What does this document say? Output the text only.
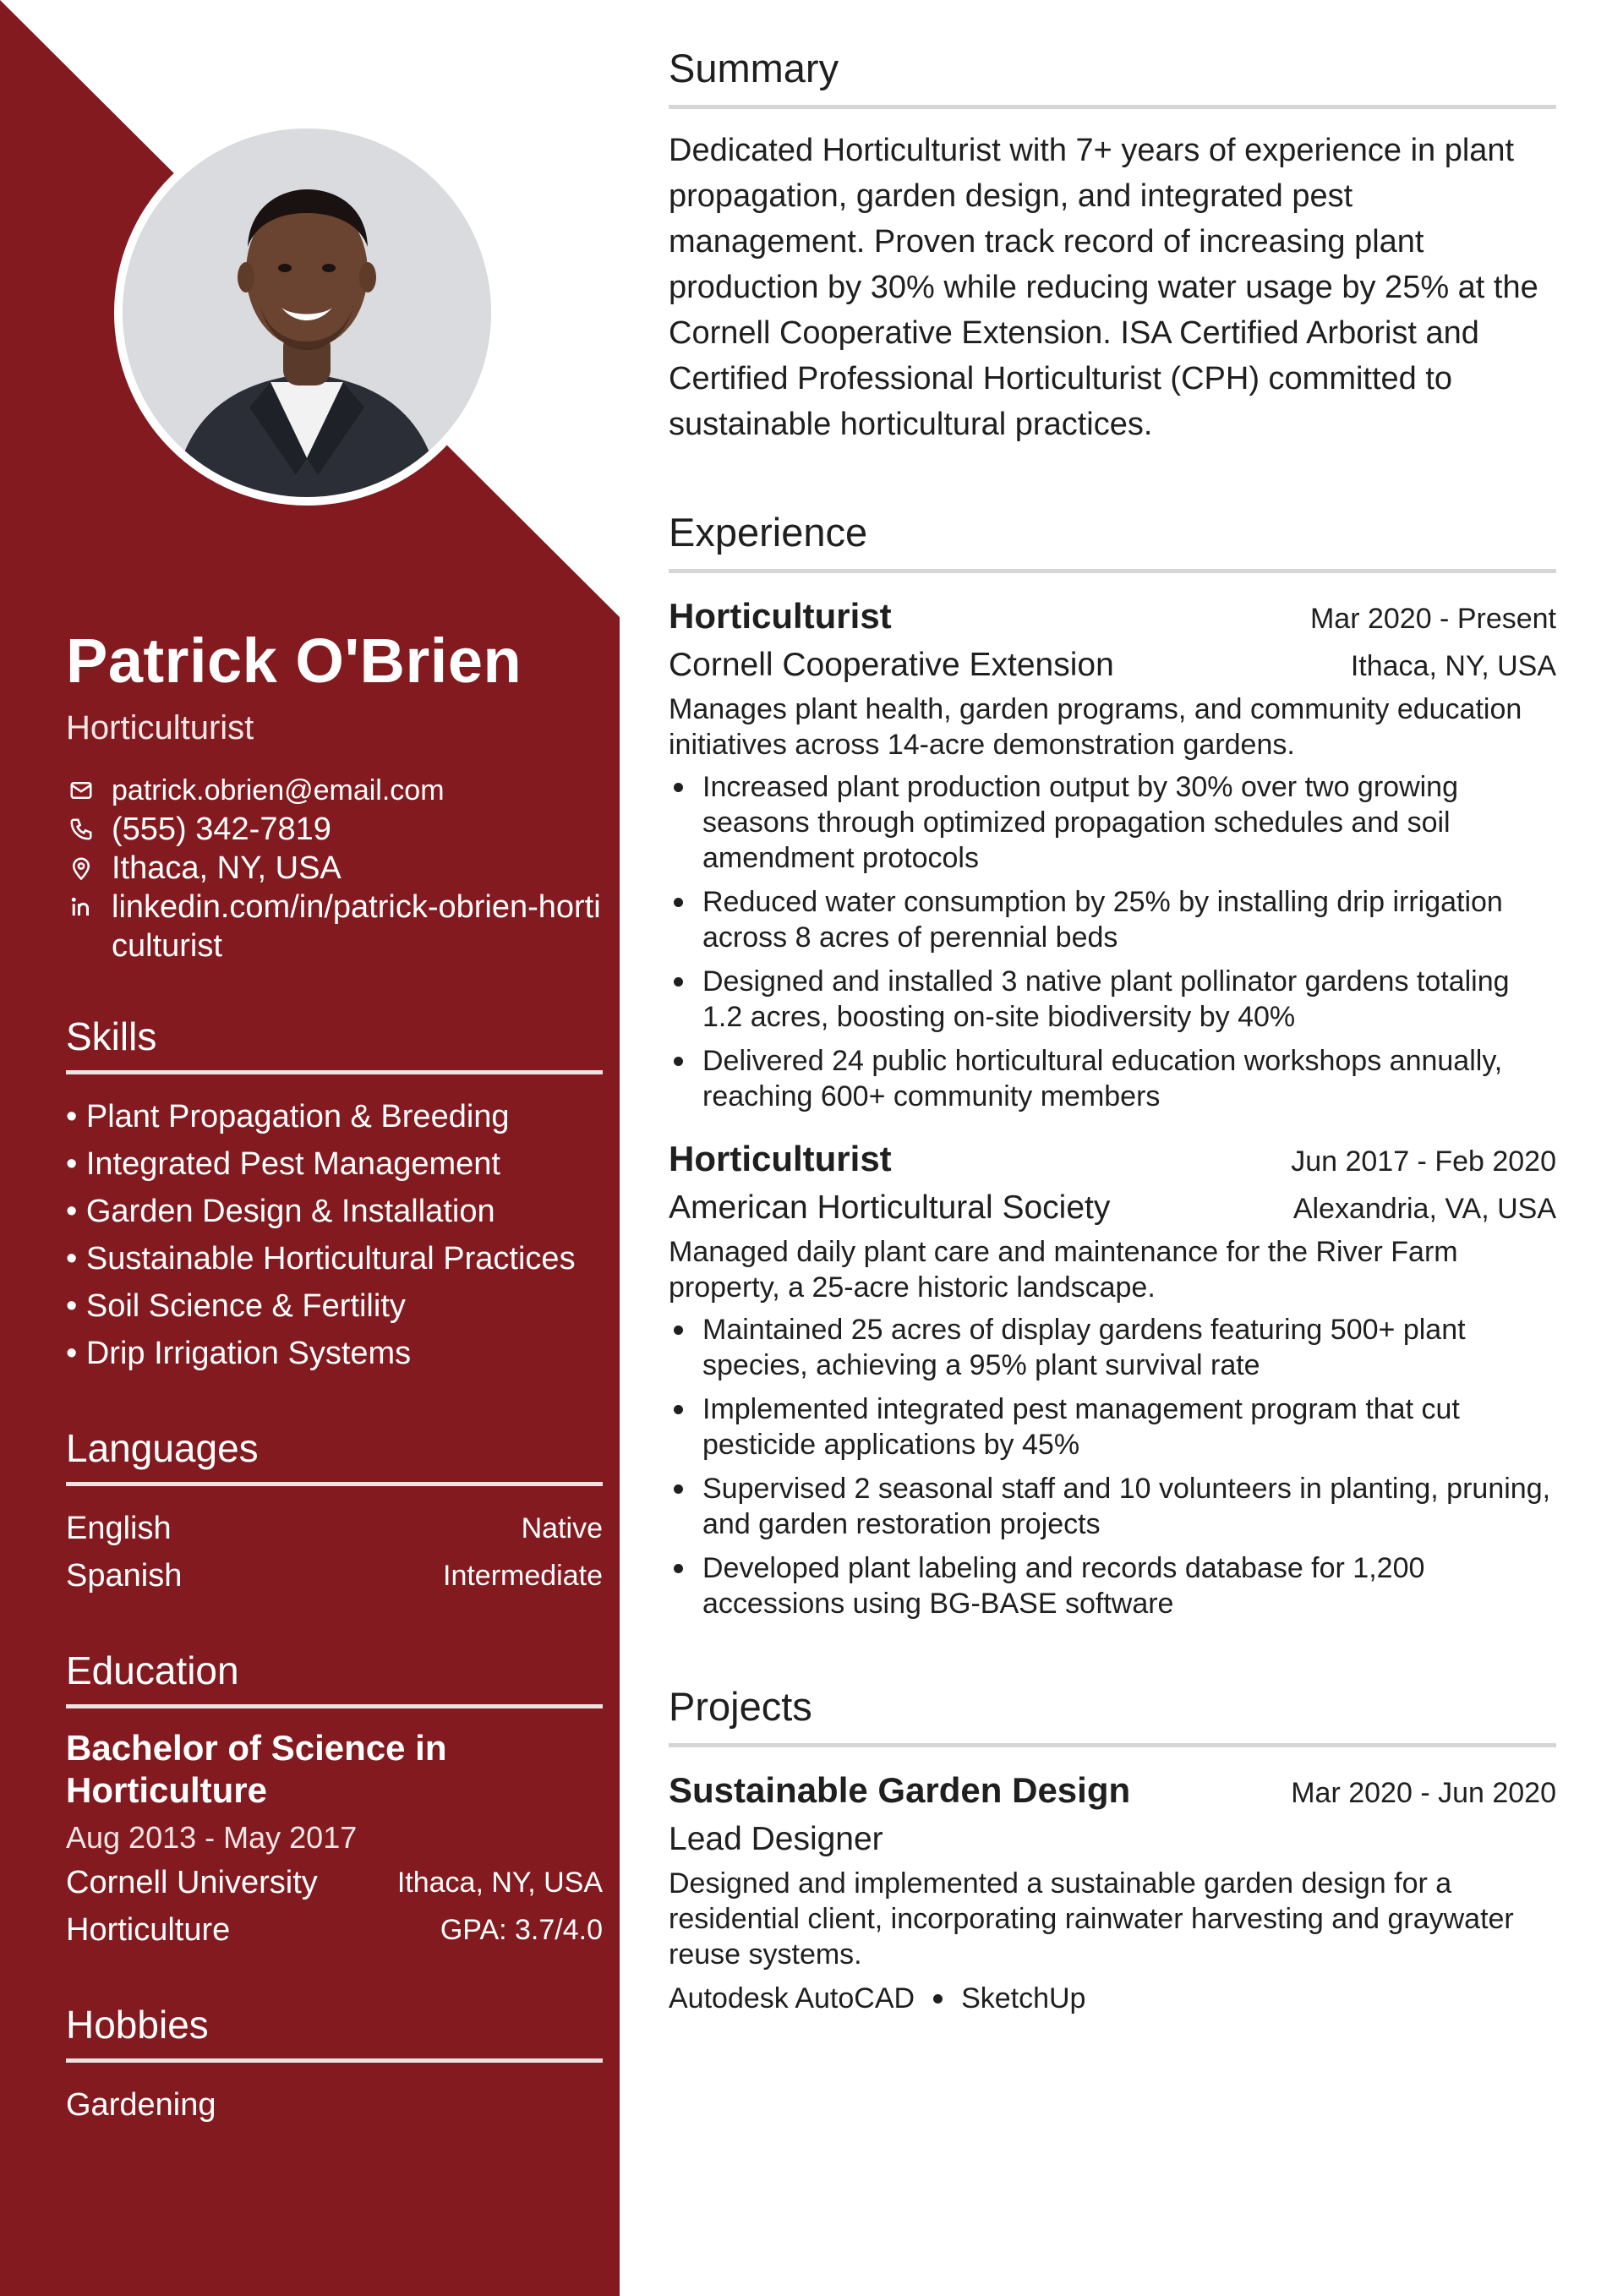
Patrick O'Brien
Horticulturist
patrick.obrien@email.com
(555) 342-7819
Ithaca, NY, USA
linkedin.com/in/patrick-obrien-horticulturist
Skills
• Plant Propagation & Breeding
• Integrated Pest Management
• Garden Design & Installation
• Sustainable Horticultural Practices
• Soil Science & Fertility
• Drip Irrigation Systems
Languages
English	Native
Spanish	Intermediate
Education
Bachelor of Science in Horticulture
Aug 2013 - May 2017
Cornell University	Ithaca, NY, USA
Horticulture	GPA: 3.7/4.0
Hobbies
Gardening
Summary
Dedicated Horticulturist with 7+ years of experience in plant propagation, garden design, and integrated pest management. Proven track record of increasing plant production by 30% while reducing water usage by 25% at the Cornell Cooperative Extension. ISA Certified Arborist and Certified Professional Horticulturist (CPH) committed to sustainable horticultural practices.
Experience
Horticulturist	Mar 2020 - Present
Cornell Cooperative Extension	Ithaca, NY, USA
Manages plant health, garden programs, and community education initiatives across 14-acre demonstration gardens.
Increased plant production output by 30% over two growing seasons through optimized propagation schedules and soil amendment protocols
Reduced water consumption by 25% by installing drip irrigation across 8 acres of perennial beds
Designed and installed 3 native plant pollinator gardens totaling 1.2 acres, boosting on-site biodiversity by 40%
Delivered 24 public horticultural education workshops annually, reaching 600+ community members
Horticulturist	Jun 2017 - Feb 2020
American Horticultural Society	Alexandria, VA, USA
Managed daily plant care and maintenance for the River Farm property, a 25-acre historic landscape.
Maintained 25 acres of display gardens featuring 500+ plant species, achieving a 95% plant survival rate
Implemented integrated pest management program that cut pesticide applications by 45%
Supervised 2 seasonal staff and 10 volunteers in planting, pruning, and garden restoration projects
Developed plant labeling and records database for 1,200 accessions using BG-BASE software
Projects
Sustainable Garden Design	Mar 2020 - Jun 2020
Lead Designer
Designed and implemented a sustainable garden design for a residential client, incorporating rainwater harvesting and graywater reuse systems.
Autodesk AutoCAD SketchUp
